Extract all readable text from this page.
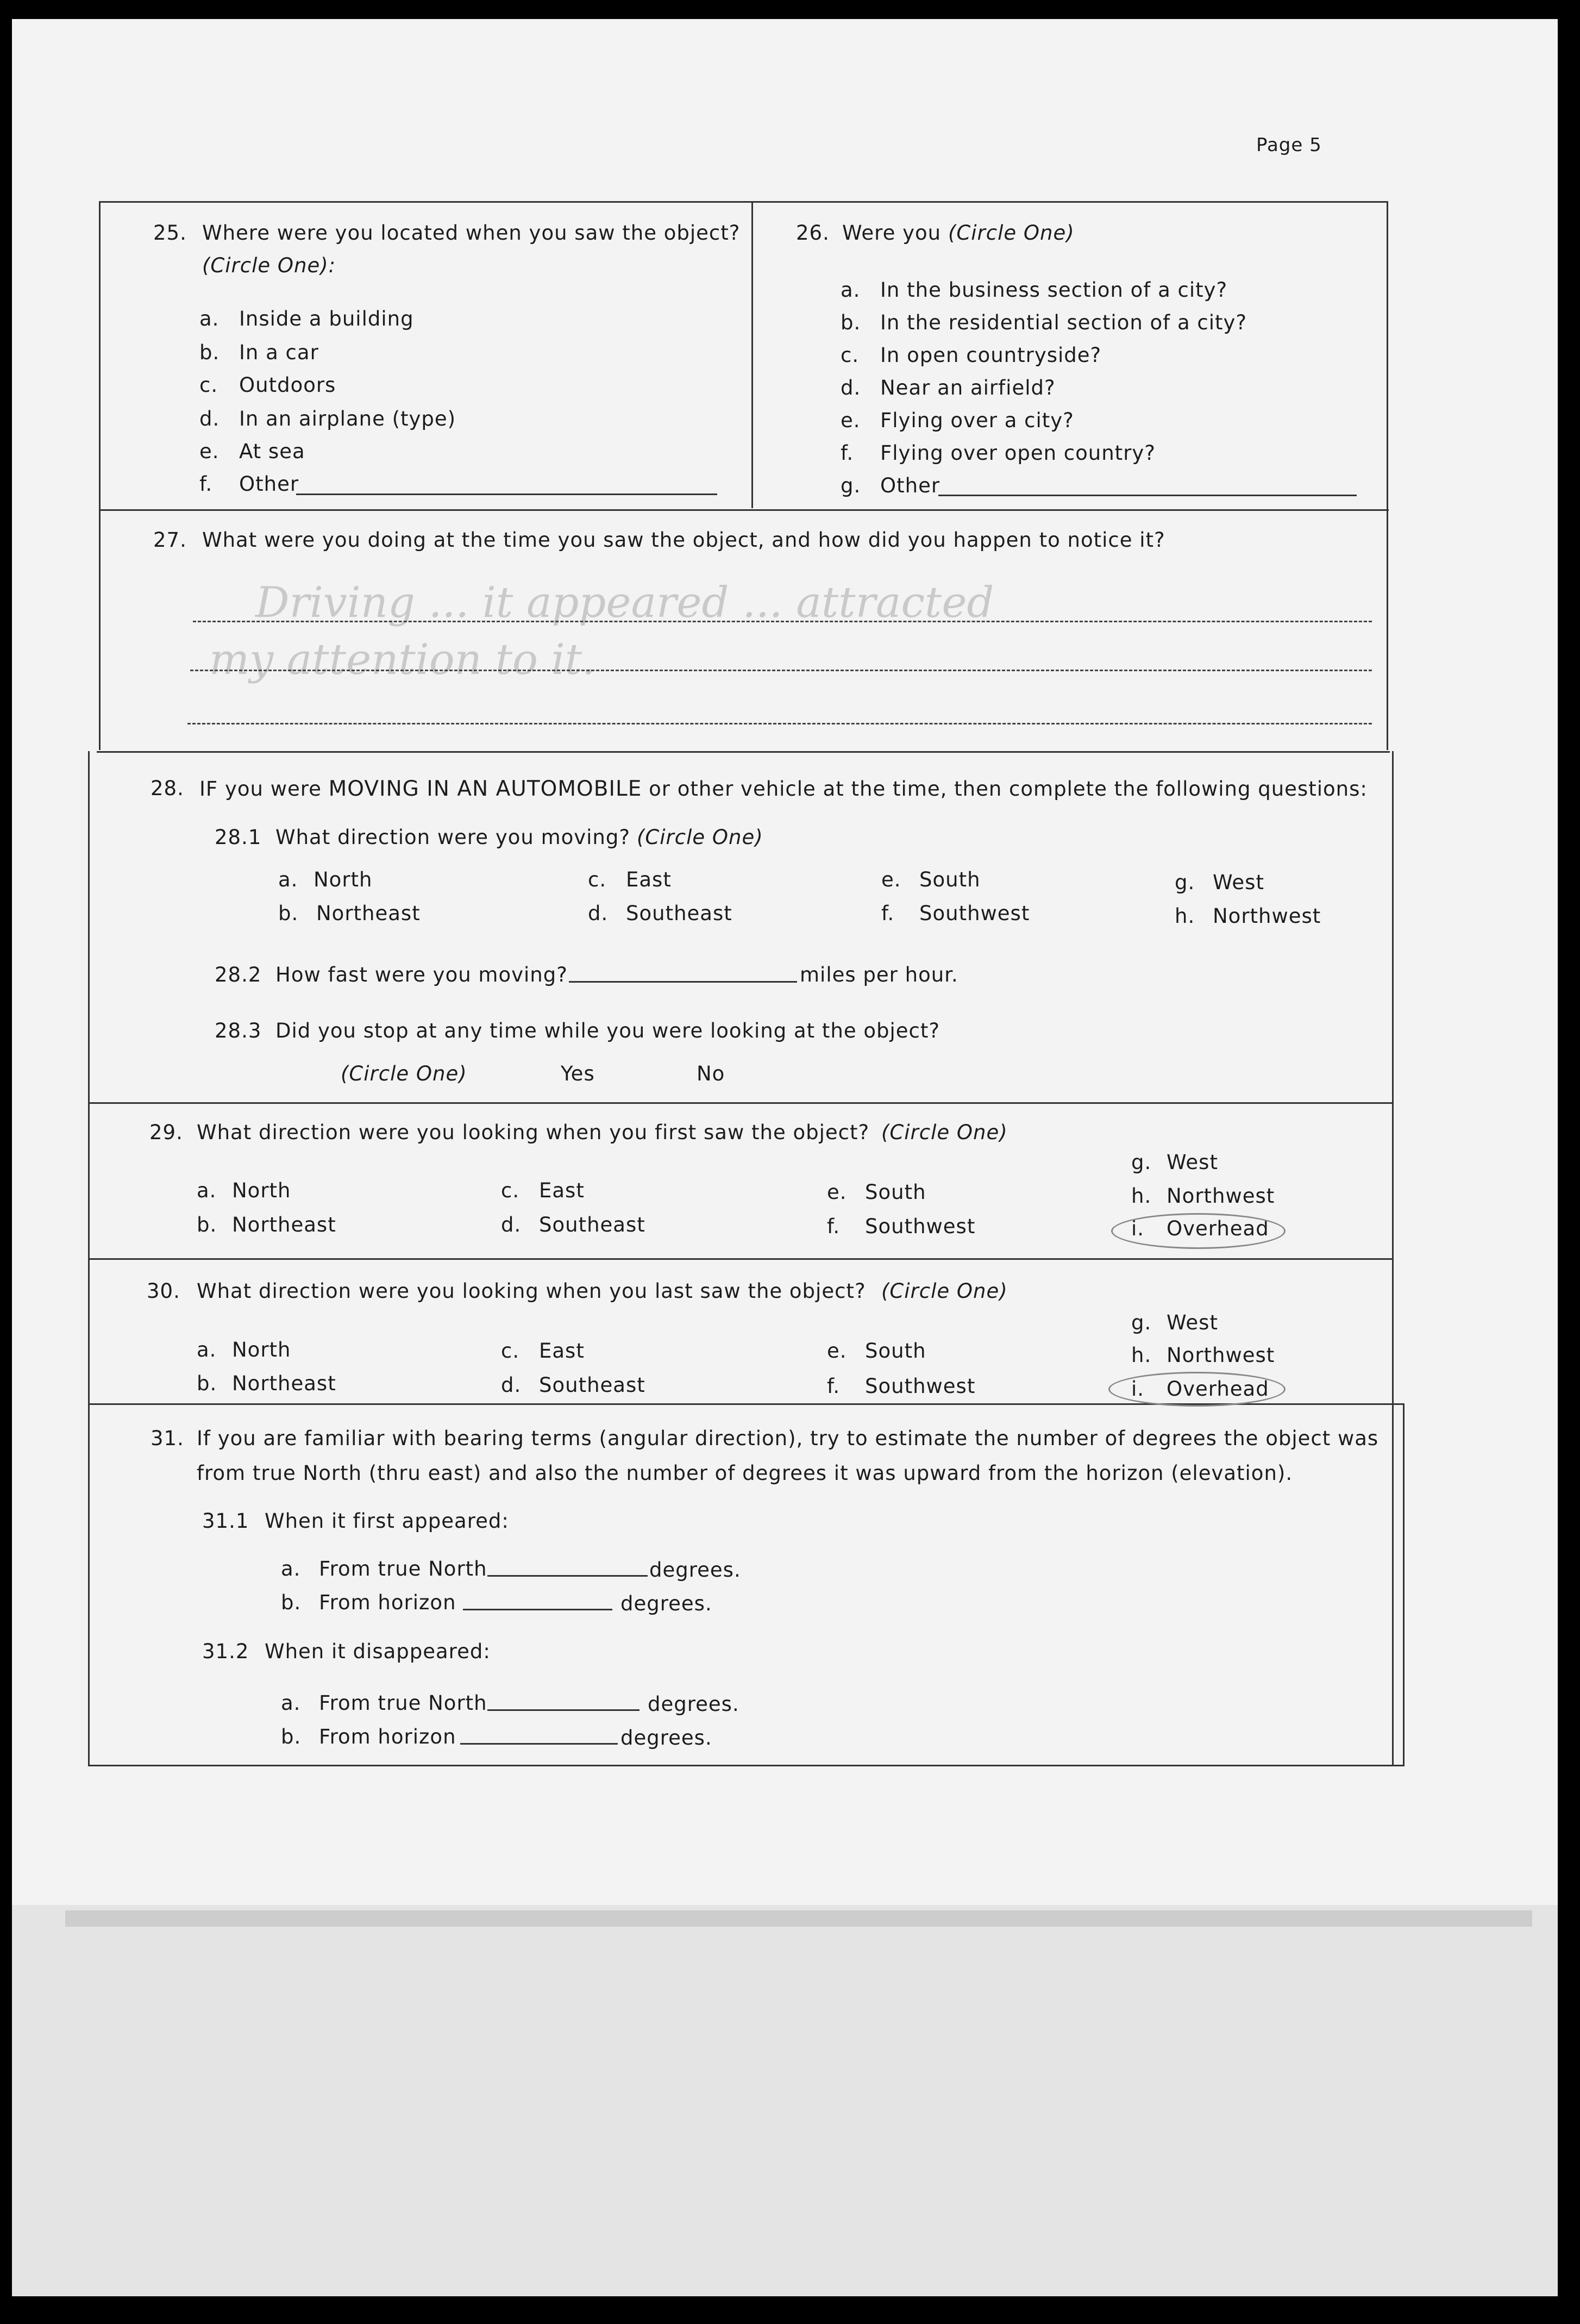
Page 5
25. Where were you located when you saw the object?
(Circle One):
a. Inside a building
b. In a car
c. Outdoors
d. In an airplane (type)
e. At sea
f. Other
26. Were you (Circle One)
a. In the business section of a city?
b. In the residential section of a city?
c. In open countryside?
d. Near an airfield?
e. Flying over a city?
f. Flying over open country?
g. Other
27. What were you doing at the time you saw the object, and how did you happen to notice it?
Driving ... it appeared ... attracted
my attention to it.
28. IF you were MOVING IN AN AUTOMOBILE or other vehicle at the time, then complete the following questions:
28.1 What direction were you moving? (Circle One)
a. North
b. Northeast
c. East
d. Southeast
e. South
f. Southwest
g. West
h. Northwest
28.2 How fast were you moving?	miles per hour.
28.3 Did you stop at any time while you were looking at the object?
(Circle One)	Yes	No
29. What direction were you looking when you first saw the object? (Circle One)
a. North
b. Northeast
c. East
d. Southeast
e. South
f. Southwest
g. West
h. Northwest
i. Overhead
30. What direction were you looking when you last saw the object? (Circle One)
a. North
b. Northeast
c. East
d. Southeast
e. South
f. Southwest
g. West
h. Northwest
i. Overhead
31. If you are familiar with bearing terms (angular direction), try to estimate the number of degrees the object was
from true North (thru east) and also the number of degrees it was upward from the horizon (elevation).
31.1 When it first appeared:
a. From true North	degrees.
b. From horizon	degrees.
31.2 When it disappeared:
a. From true North	degrees.
b. From horizon	degrees.
